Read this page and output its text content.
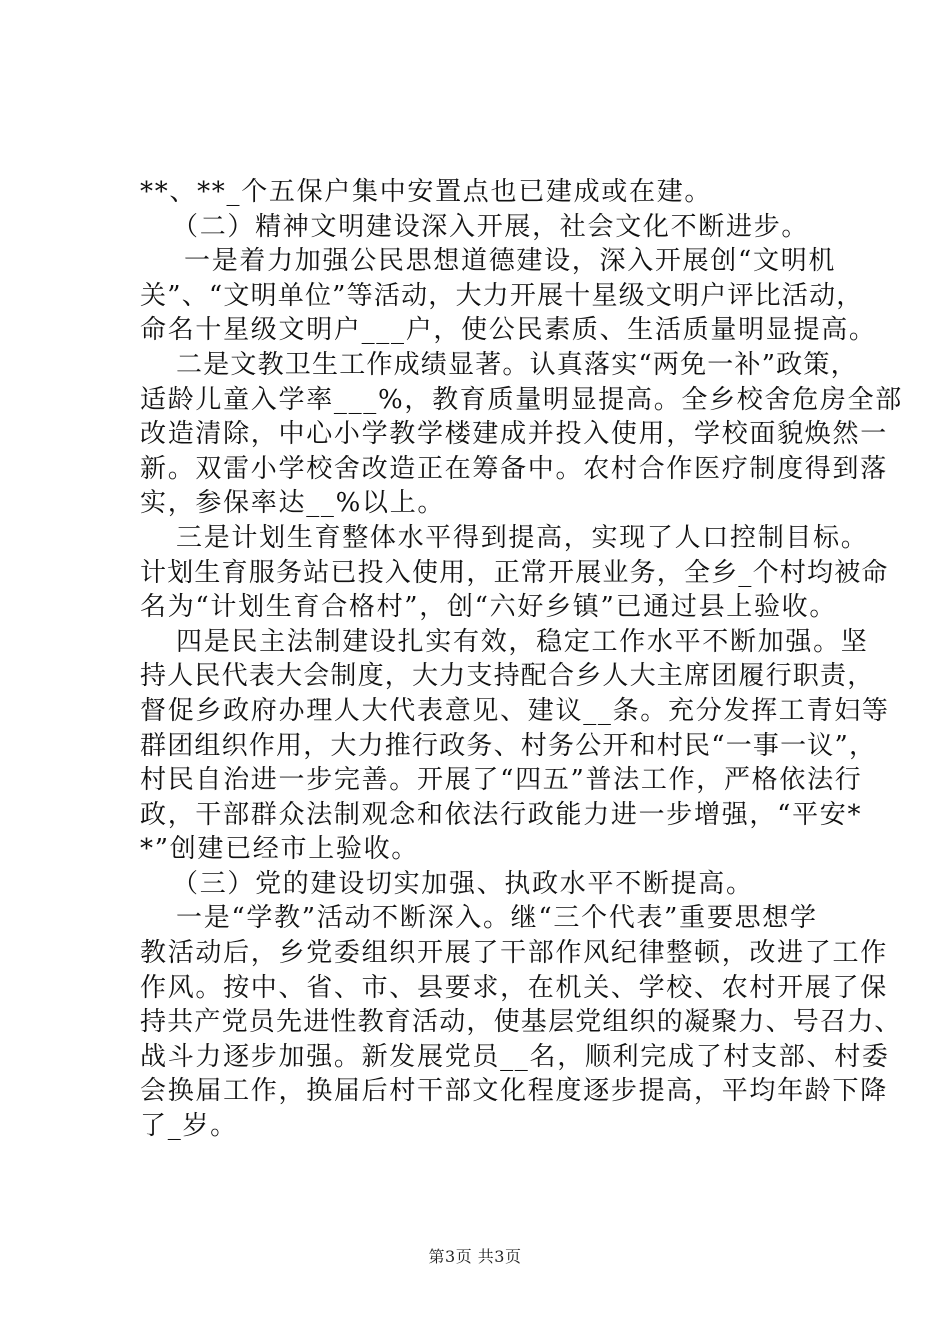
**、**_个五保户集中安置点也已建成或在建。
（二）精神文明建设深入开展，社会文化不断进步。
一是着力加强公民思想道德建设，深入开展创“文明机
关”、“文明单位”等活动，大力开展十星级文明户评比活动，
命名十星级文明户___户，使公民素质、生活质量明显提高。
二是文教卫生工作成绩显著。认真落实“两免一补”政策，
适龄儿童入学率___%，教育质量明显提高。全乡校舍危房全部
改造清除，中心小学教学楼建成并投入使用，学校面貌焕然一
新。双雷小学校舍改造正在筹备中。农村合作医疗制度得到落
实，参保率达__%以上。
三是计划生育整体水平得到提高，实现了人口控制目标。
计划生育服务站已投入使用，正常开展业务，全乡_个村均被命
名为“计划生育合格村”，创“六好乡镇”已通过县上验收。
四是民主法制建设扎实有效，稳定工作水平不断加强。坚
持人民代表大会制度，大力支持配合乡人大主席团履行职责，
督促乡政府办理人大代表意见、建议__条。充分发挥工青妇等
群团组织作用，大力推行政务、村务公开和村民“一事一议”，
村民自治进一步完善。开展了“四五”普法工作，严格依法行
政，干部群众法制观念和依法行政能力进一步增强，“平安*
*”创建已经市上验收。
（三）党的建设切实加强、执政水平不断提高。
一是“学教”活动不断深入。继“三个代表”重要思想学
教活动后，乡党委组织开展了干部作风纪律整顿，改进了工作
作风。按中、省、市、县要求，在机关、学校、农村开展了保
持共产党员先进性教育活动，使基层党组织的凝聚力、号召力、
战斗力逐步加强。新发展党员__名，顺利完成了村支部、村委
会换届工作，换届后村干部文化程度逐步提高，平均年龄下降
了_岁。
第3页 共3页
